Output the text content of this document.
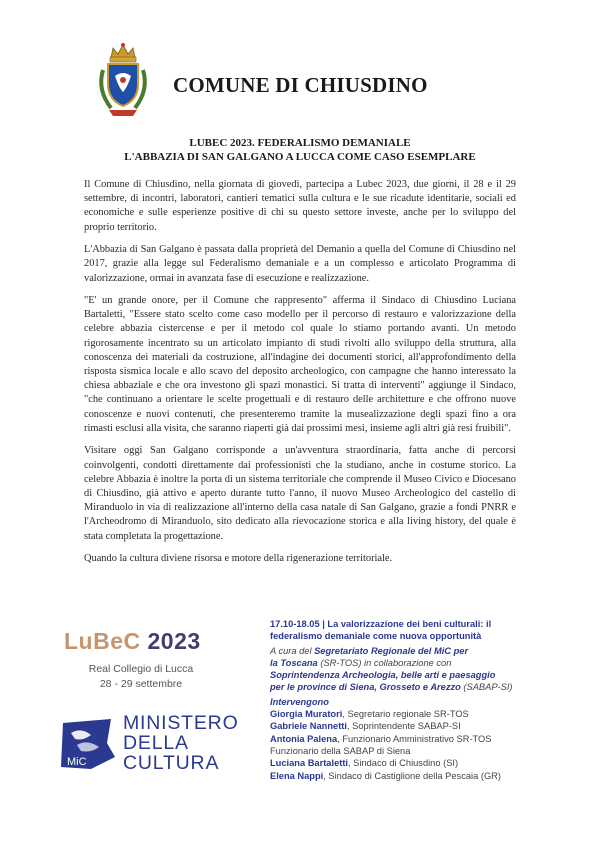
COMUNE DI CHIUSDINO
LUBEC 2023. FEDERALISMO DEMANIALE
L'ABBAZIA DI SAN GALGANO A LUCCA COME CASO ESEMPLARE

Il Comune di Chiusdino, nella giornata di giovedì, partecipa a Lubec 2023, due giorni, il 28 e il 29 settembre, di incontri, laboratori, cantieri tematici sulla cultura e le sue ricadute identitarie, sociali ed economiche e sulle esperienze positive di chi su questo settore investe, anche per lo sviluppo del proprio territorio.

L'Abbazia di San Galgano è passata dalla proprietà del Demanio a quella del Comune di Chiusdino nel 2017, grazie alla legge sul Federalismo demaniale e a un complesso e articolato Programma di valorizzazione, ormai in avanzata fase di esecuzione e realizzazione.

"E' un grande onore, per il Comune che rappresento" afferma il Sindaco di Chiusdino Luciana Bartaletti, "Essere stato scelto come caso modello per il percorso di restauro e valorizzazione della celebre abbazia cistercense e per il metodo col quale lo stiamo portando avanti. Un metodo rigorosamente incentrato su un articolato impianto di studi rivolti allo sviluppo della struttura, alla conoscenza dei materiali da costruzione, all'indagine dei documenti storici, all'approfondimento della risposta sismica locale e allo scavo del deposito archeologico, con campagne che hanno interessato la chiesa abbaziale e che ora investono gli spazi monastici. Si tratta di interventi" aggiunge il Sindaco, "che continuano a orientare le scelte progettuali e di restauro delle architetture e che offrono nuove conoscenze e nuovi contenuti, che presenteremo tramite la musealizzazione degli spazi fino a ora rimasti esclusi alla visita, che saranno riaperti già dai prossimi mesi, insieme agli altri già resi fruibili".

Visitare oggi San Galgano corrisponde a un'avventura straordinaria, fatta anche di percorsi coinvolgenti, condotti direttamente dai professionisti che la studiano, anche in costume storico. La celebre Abbazia è inoltre la porta di un sistema territoriale che comprende il Museo Civico e Diocesano di Chiusdino, già attivo e aperto durante tutto l'anno, il nuovo Museo Archeologico del castello di Miranduolo in via di realizzazione all'interno della casa natale di San Galgano, grazie a fondi PNRR e l'Archeodromo di Miranduolo, sito dedicato alla rievocazione storica e alla living history, del quale è stata completata la progettazione.

Quando la cultura diviene risorsa e motore della rigenerazione territoriale.

LuBeC 2023
Real Collegio di Lucca
28 - 29 settembre
MiC
MINISTERO
DELLA
CULTURA
17.10-18.05 | La valorizzazione dei beni culturali: il
federalismo demaniale come nuova opportunità
A cura del Segretariato Regionale del MiC per
la Toscana (SR-TOS) in collaborazione con
Soprintendenza Archeologia, belle arti e paesaggio
per le province di Siena, Grosseto e Arezzo (SABAP-SI)
Intervengono
Giorgia Muratori, Segretario regionale SR-TOS
Gabriele Nannetti, Soprintendente SABAP-SI
Antonia Palena, Funzionario Amministrativo SR-TOS
Funzionario della SABAP di Siena
Luciana Bartaletti, Sindaco di Chiusdino (SI)
Elena Nappi, Sindaco di Castiglione della Pescaia (GR)
